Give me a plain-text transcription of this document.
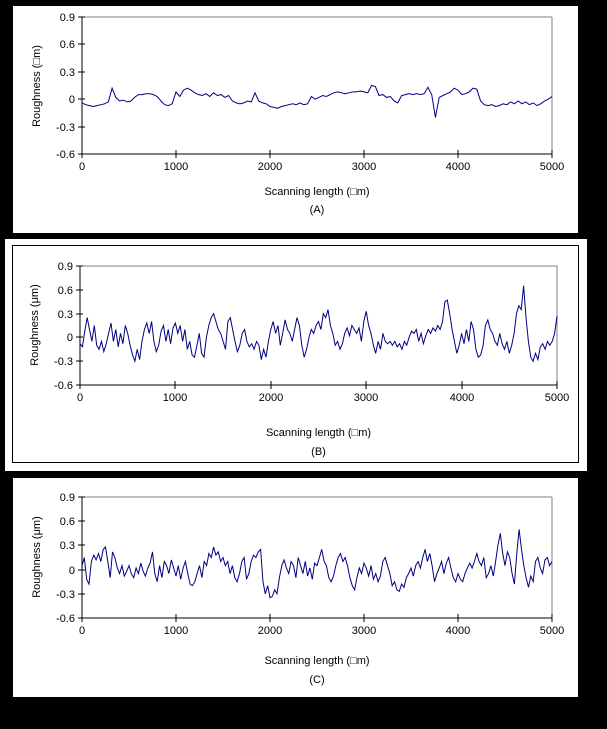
0.9
0.6
0.3
0
-0.3
-0.6
0	1000	2000	3000	4000	5000
Scanning length (□m)
(A)
Roughness (□m)
0.9
0.6
0.3
0
-0.3
-0.6
0	1000	2000	3000	4000	5000
Scanning length (□m)
(B)
Roughness (μm)
0.9
0.6
0.3
0
-0.3
-0.6
0	1000	2000	3000	4000	5000
Scanning length (□m)
(C)
Roughness (μm)
